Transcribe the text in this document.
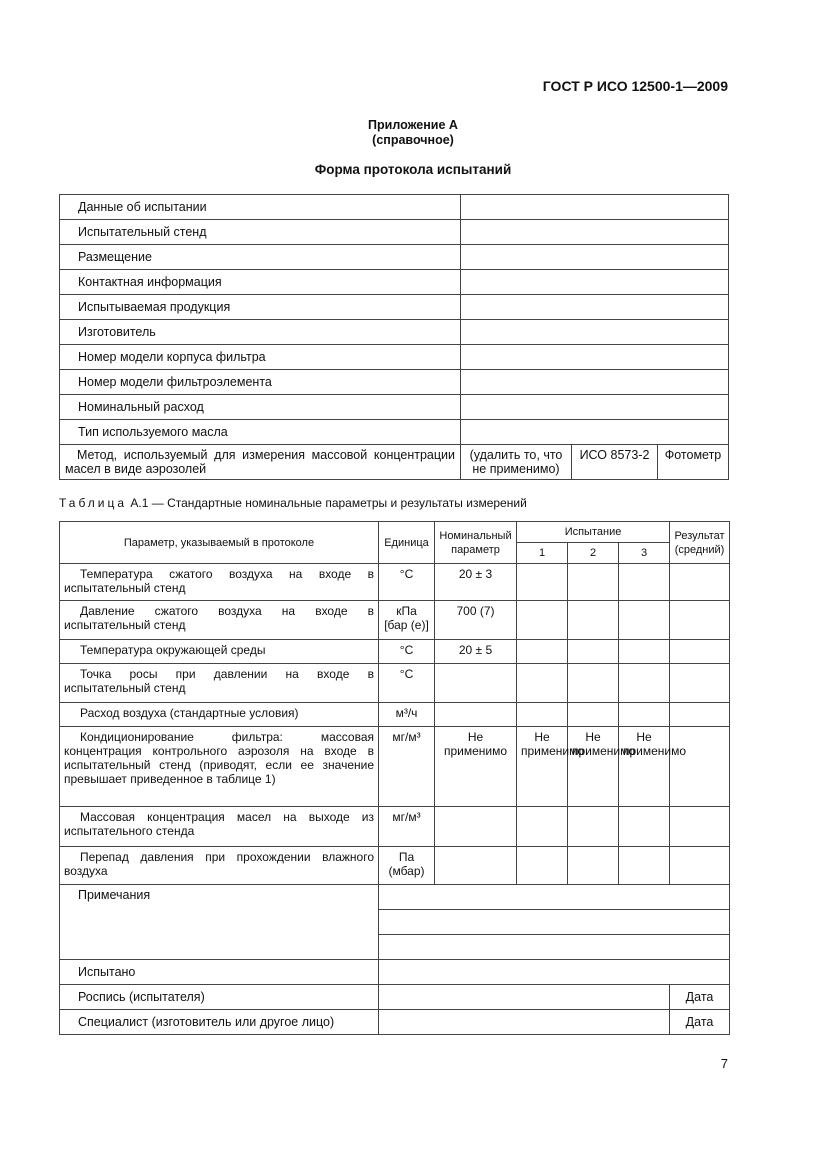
ГОСТ Р ИСО 12500-1—2009
Приложение А
(справочное)
Форма протокола испытаний
Данные об испытании			
Испытательный стенд			
Размещение			
Контактная информация			
Испытываемая продукция			
Изготовитель			
Номер модели корпуса фильтра			
Номер модели фильтроэлемента			
Номинальный расход			
Тип используемого масла			
Метод, используемый для измерения массовой концентрации масел в виде аэрозолей	(удалить то, что не применимо)	ИСО 8573-2	Фотометр
Таблица А.1 — Стандартные номинальные параметры и результаты измерений
Параметр, указываемый в протоколе	Единица	Номинальный параметр	Испытание			Результат (средний)
			1	2	3	
Температура сжатого воздуха на входе в испытательный стенд	°С	20 ± 3				
Давление сжатого воздуха на входе в испытательный стенд	кПа [бар (е)]	700 (7)				
Температура окружающей среды	°С	20 ± 5				
Точка росы при давлении на входе в испытательный стенд	°С					
Расход воздуха (стандартные условия)	м³/ч					
Кондиционирование фильтра: массовая концентрация контрольного аэрозоля на входе в испытательный стенд (приводят, если ее значение превышает приведенное в таблице 1)	мг/м³	Не применимо	Не применимо	Не применимо	Не применимо	
Массовая концентрация масел на выходе из испытательного стенда	мг/м³					
Перепад давления при прохождении влажного воздуха	Па (мбар)					
Примечания						

Испытано						
Роспись (испытателя)						Дата
Специалист (изготовитель или другое лицо)						Дата
7
